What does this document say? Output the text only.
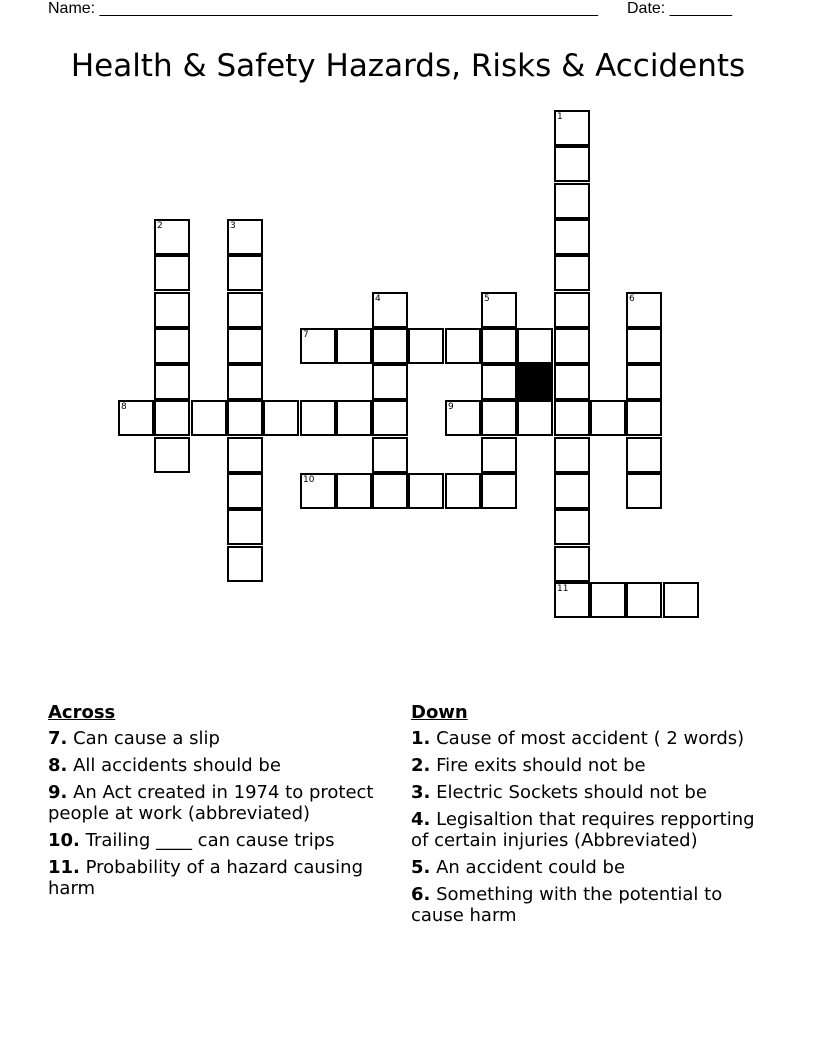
Name: ________________________________________________________ Date: _______
Health & Safety Hazards, Risks & Accidents
1
11
2	3
4	5	6
7
8	9
10
Across
7. Can cause a slip
8. All accidents should be
9. An Act created in 1974 to protect people at work (abbreviated)
10. Trailing ____ can cause trips
11. Probability of a hazard causing harm
Down
1. Cause of most accident ( 2 words)
2. Fire exits should not be
3. Electric Sockets should not be
4. Legisaltion that requires repporting of certain injuries (Abbreviated)
5. An accident could be
6. Something with the potential to cause harm
